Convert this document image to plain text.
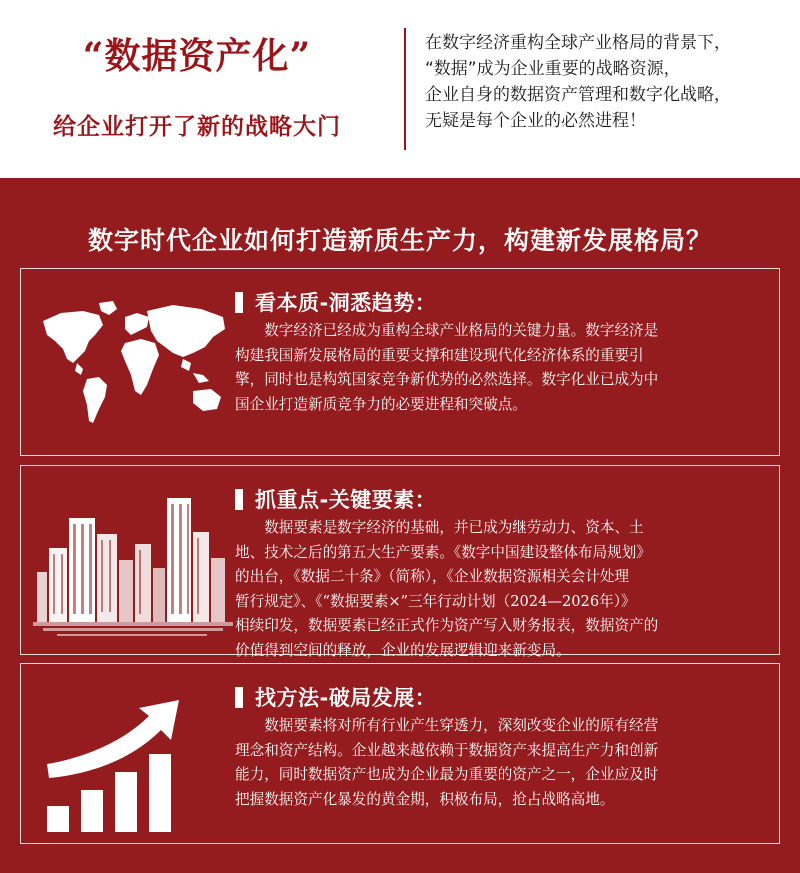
“数据资产化”
给企业打开了新的战略大门
在数字经济重构全球产业格局的背景下，
“数据”成为企业重要的战略资源，
企业自身的数据资产管理和数字化战略，
无疑是每个企业的必然进程！
数字时代企业如何打造新质生产力，构建新发展格局？
看本质-洞悉趋势：
　　数字经济已经成为重构全球产业格局的关键力量。数字经济是
构建我国新发展格局的重要支撑和建设现代化经济体系的重要引
擎，同时也是构筑国家竞争新优势的必然选择。数字化业已成为中
国企业打造新质竞争力的必要进程和突破点。
抓重点-关键要素：
　　数据要素是数字经济的基础，并已成为继劳动力、资本、土
地、技术之后的第五大生产要素。《数字中国建设整体布局规划》
的出台，《数据二十条》（简称），《企业数据资源相关会计处理
暂行规定》、《“数据要素×”三年行动计划（2024—2026年）》
相续印发，数据要素已经正式作为资产写入财务报表，数据资产的
价值得到空间的释放，企业的发展逻辑迎来新变局。
找方法-破局发展：
　　数据要素将对所有行业产生穿透力，深刻改变企业的原有经营
理念和资产结构。企业越来越依赖于数据资产来提高生产力和创新
能力，同时数据资产也成为企业最为重要的资产之一，企业应及时
把握数据资产化暴发的黄金期，积极布局，抢占战略高地。
